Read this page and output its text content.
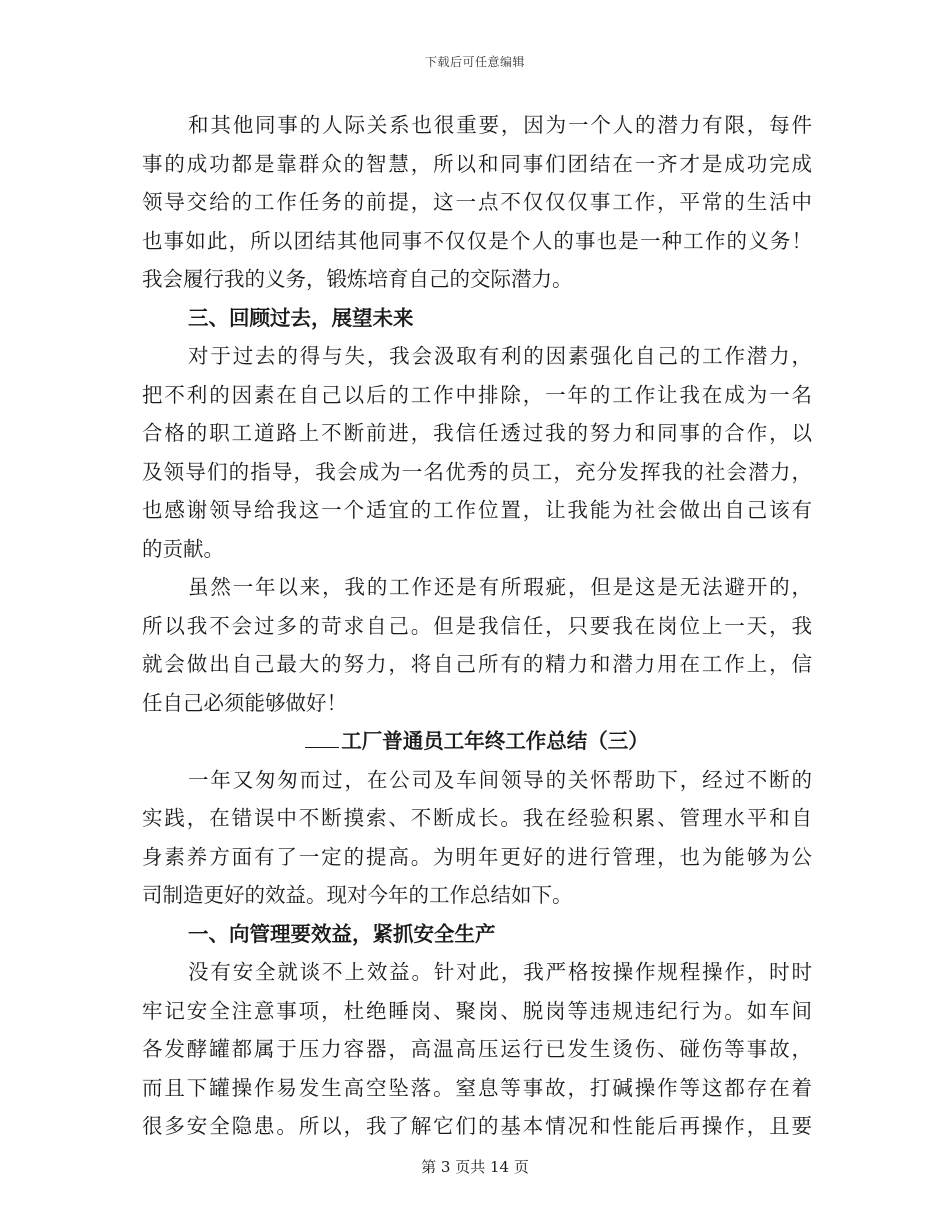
下载后可任意编辑
和其他同事的人际关系也很重要，因为一个人的潜力有限，每件
事的成功都是靠群众的智慧，所以和同事们团结在一齐才是成功完成
领导交给的工作任务的前提，这一点不仅仅仅事工作，平常的生活中
也事如此，所以团结其他同事不仅仅是个人的事也是一种工作的义务！
我会履行我的义务，锻炼培育自己的交际潜力。
三、回顾过去，展望未来
对于过去的得与失，我会汲取有利的因素强化自己的工作潜力，
把不利的因素在自己以后的工作中排除，一年的工作让我在成为一名
合格的职工道路上不断前进，我信任透过我的努力和同事的合作，以
及领导们的指导，我会成为一名优秀的员工，充分发挥我的社会潜力，
也感谢领导给我这一个适宜的工作位置，让我能为社会做出自己该有
的贡献。
虽然一年以来，我的工作还是有所瑕疵，但是这是无法避开的，
所以我不会过多的苛求自己。但是我信任，只要我在岗位上一天，我
就会做出自己最大的努力，将自己所有的精力和潜力用在工作上，信
任自己必须能够做好！
工厂普通员工年终工作总结（三）
一年又匆匆而过，在公司及车间领导的关怀帮助下，经过不断的
实践，在错误中不断摸索、不断成长。我在经验积累、管理水平和自
身素养方面有了一定的提高。为明年更好的进行管理，也为能够为公
司制造更好的效益。现对今年的工作总结如下。
一、向管理要效益，紧抓安全生产
没有安全就谈不上效益。针对此，我严格按操作规程操作，时时
牢记安全注意事项，杜绝睡岗、聚岗、脱岗等违规违纪行为。如车间
各发酵罐都属于压力容器，高温高压运行已发生烫伤、碰伤等事故，
而且下罐操作易发生高空坠落。窒息等事故，打碱操作等这都存在着
很多安全隐患。所以，我了解它们的基本情况和性能后再操作，且要
第 3 页共 14 页
